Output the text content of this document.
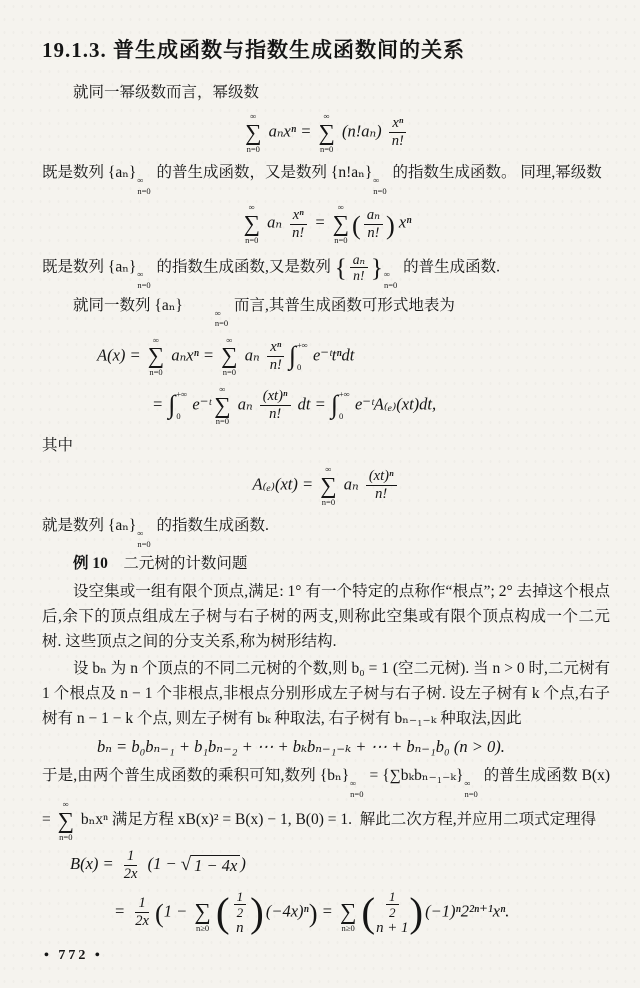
19.1.3. 普生成函数与指数生成函数间的关系
就同一幂级数而言，幂级数
∞
∑
n=0
aₙxⁿ =
∞
∑
n=0
$(n!a_n) \frac{\text{xⁿ}}{n!}$
既是数列 {aₙ} ∞
n=0
的普生成函数，又是数列 {n!aₙ} ∞
n=0
的指数生成函数。 同理,幂级数
∞
∑
n=0
aₙ $\frac{\text{xⁿ}}{n!}$ =
∞
∑
n=0 ( $\frac{\text{aₙ}}{n!}$ ) xⁿ
既是数列 {aₙ} ∞
n=0
的指数生成函数,又是数列 { $\frac{\text{aₙ}}{n!}$ } ∞
n=0
的普生成函数.
就同一数列 {aₙ}	∞
n=0
而言,其普生成函数可形式地表为
A(x) =
∞
∑
n=0
aₙxⁿ =
∞
∑
n=0
aₙ $\frac{\text{xⁿ}}{n!}$ ∫ +∞
0
e⁻ᵗtⁿdt
= ∫ +∞
0
e⁻ᵗ
∞
∑
n=0
aₙ $\frac{\text{(xt)ⁿ}}{n!}$ dt = ∫ +∞
0
e⁻ᵗA₍ₑ₎(xt)dt,
其中
A₍ₑ₎(xt) =
∞
∑
n=0
aₙ $\frac{\text{(xt)ⁿ}}{n!}$
就是数列 {aₙ} ∞
n=0
的指数生成函数.
例 10　二元树的计数问题
设空集或一组有限个顶点,满足: 1° 有一个特定的点称作“根点”; 2° 去掉这个根点后,余下的顶点组成左子树与右子树的两支,则称此空集或有限个顶点构成一个二元树. 这些顶点之间的分支关系,称为树形结构.
设 bₙ 为 n 个顶点的不同二元树的个数,则 b₀ = 1 (空二元树). 当 n > 0 时,二元树有 1 个根点及 n − 1 个非根点,非根点分别形成左子树与右子树. 设左子树有 k 个点,右子树有 n − 1 − k 个点, 则左子树有 bₖ 种取法, 右子树有 bₙ₋₁₋ₖ 种取法,因此
bₙ = b₀bₙ₋₁ + b₁bₙ₋₂ + ⋯ + bₖbₙ₋₁₋ₖ + ⋯ + bₙ₋₁b₀ (n > 0).
于是,由两个普生成函数的乘积可知,数列 {bₙ} ∞
n=0
= {∑bₖbₙ₋₁₋ₖ} ∞
n=0
的普生成函数 B(x) =
∞
∑
n=0
bₙxⁿ 满足方程 xB(x)² = B(x) − 1, B(0) = 1.  解此二次方程,并应用二项式定理得
$B(x) = \frac{1}{2x} (1$ − √ 1 − 4x )
= $\frac{1}{2x} (1$ − ∑
n≥0 ( $\frac{1}{2}$
n ) (−4x)ⁿ) = ∑
n≥0 ( $\frac{1}{2}$
n + 1 ) (−1)ⁿ2²ⁿ⁺¹xⁿ.
• 772 •
